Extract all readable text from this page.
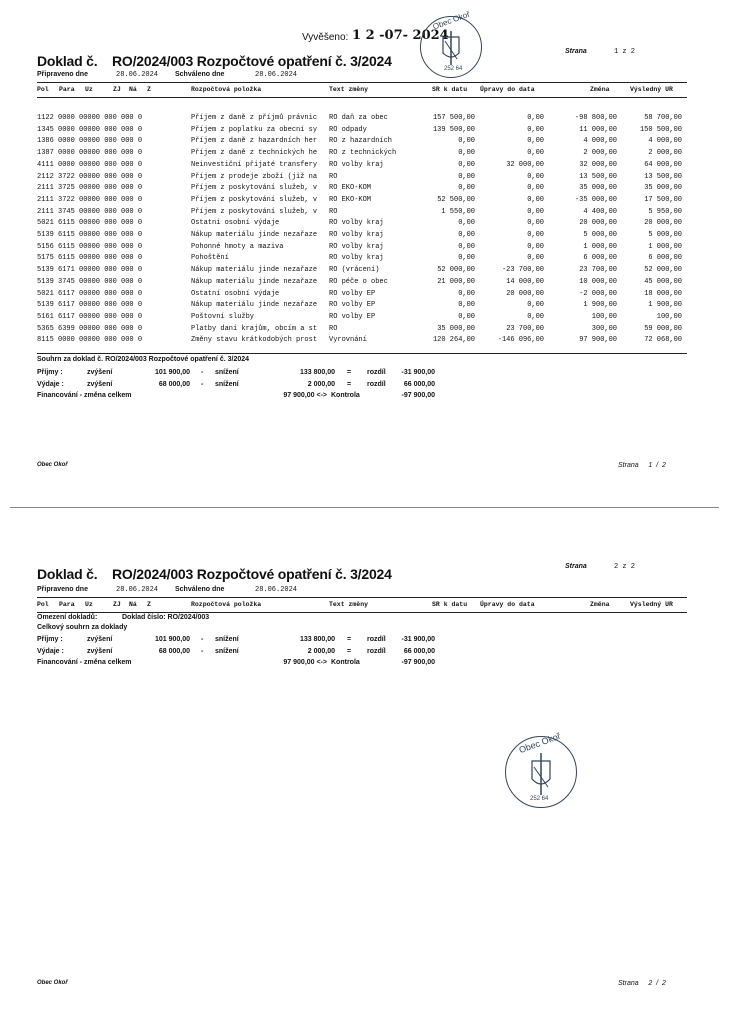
Vyvěšeno: 1 2 -07- 2024
Obec Okoř
252 64
Doklad č. RO/2024/003 Rozpočtové opatření č. 3/2024
Strana	1 z 2
Připraveno dne	28.06.2024 Schváleno dne	28.06.2024
Pol Para Uz	ZJ Ná Z	Rozpočtová položka	Text změny	SR k datu Úpravy do data	Změna	Výsledný UR
1122 0000 00000 000 000 0	Příjem z daně z příjmů právnic	RO daň za obec	157 500,00	0,00	-98 800,00	58 700,00
1345 0000 00000 000 000 0	Příjem z poplatku za obecní sy	RO odpady	139 500,00	0,00	11 000,00	150 500,00
1386 0000 00000 000 000 0	Příjem z daně z hazardních her	RO z hazardních	0,00	0,00	4 000,00	4 000,00
1387 0000 00000 000 000 0	Příjem z daně z technických he	RO z technických	0,00	0,00	2 000,00	2 000,00
4111 0000 00000 000 000 0	Neinvestiční přijaté transfery	RO volby kraj	0,00	32 000,00	32 000,00	64 000,00
2112 3722 00000 000 000 0	Příjem z prodeje zboží (již na	RO	0,00	0,00	13 500,00	13 500,00
2111 3725 00000 000 000 0	Příjem z poskytování služeb, v	RO EKO-KOM	0,00	0,00	35 000,00	35 000,00
2111 3722 00000 000 000 0	Příjem z poskytování služeb, v	RO EKO-KOM	52 500,00	0,00	-35 000,00	17 500,00
2111 3745 00000 000 000 0	Příjem z poskytování služeb, v	RO	1 550,00	0,00	4 400,00	5 950,00
5021 6115 00000 000 000 0	Ostatní osobní výdaje	RO volby kraj	0,00	0,00	20 000,00	20 000,00
5139 6115 00000 000 000 0	Nákup materiálu jinde nezařaze	RO volby kraj	0,00	0,00	5 000,00	5 000,00
5156 6115 00000 000 000 0	Pohonné hmoty a maziva	RO volby kraj	0,00	0,00	1 000,00	1 000,00
5175 6115 00000 000 000 0	Pohoštění	RO volby kraj	0,00	0,00	6 000,00	6 000,00
5139 6171 00000 000 000 0	Nákup materiálu jinde nezařaze	RO (vrácení)	52 000,00	-23 700,00	23 700,00	52 000,00
5139 3745 00000 000 000 0	Nákup materiálu jinde nezařaze	RO péče o obec	21 000,00	14 000,00	10 000,00	45 000,00
5021 6117 00000 000 000 0	Ostatní osobní výdaje	RO volby EP	0,00	20 000,00	-2 000,00	18 000,00
5139 6117 00000 000 000 0	Nákup materiálu jinde nezařaze	RO volby EP	0,00	0,00	1 900,00	1 900,00
5161 6117 00000 000 000 0	Poštovní služby	RO volby EP	0,00	0,00	100,00	100,00
5365 6399 00000 000 000 0	Platby daní krajům, obcím a st	RO	35 000,00	23 700,00	300,00	59 000,00
8115 0000 00000 000 000 0	Změny stavu krátkodobých prost	Vyrovnání	120 264,00	-146 096,00	97 900,00	72 068,00
Souhrn za doklad č. RO/2024/003 Rozpočtové opatření č. 3/2024
Příjmy :	zvýšení	101 900,00 - snížení	133 800,00 = rozdíl	-31 900,00
Výdaje :	zvýšení	68 000,00 - snížení	2 000,00 = rozdíl	66 000,00
Financování - změna celkem	97 900,00 <-> Kontrola	-97 900,00
Obec Okoř	Strana     1  /  2
Doklad č. RO/2024/003 Rozpočtové opatření č. 3/2024	Strana	2 z 2
Připraveno dne	28.06.2024 Schváleno dne	28.06.2024
Pol Para Uz	ZJ Ná Z	Rozpočtová položka	Text změny	SR k datu Úpravy do data	Změna	Výsledný UR
Omezení dokladů:	Doklad číslo: RO/2024/003
Celkový souhrn za doklady
Příjmy :	zvýšení	101 900,00 - snížení	133 800,00 = rozdíl	-31 900,00
Výdaje :	zvýšení	68 000,00 - snížení	2 000,00 = rozdíl	66 000,00
Financování - změna celkem	97 900,00 <-> Kontrola	-97 900,00
Obec Okoř
252 64
Obec Okoř	Strana     2  /  2
